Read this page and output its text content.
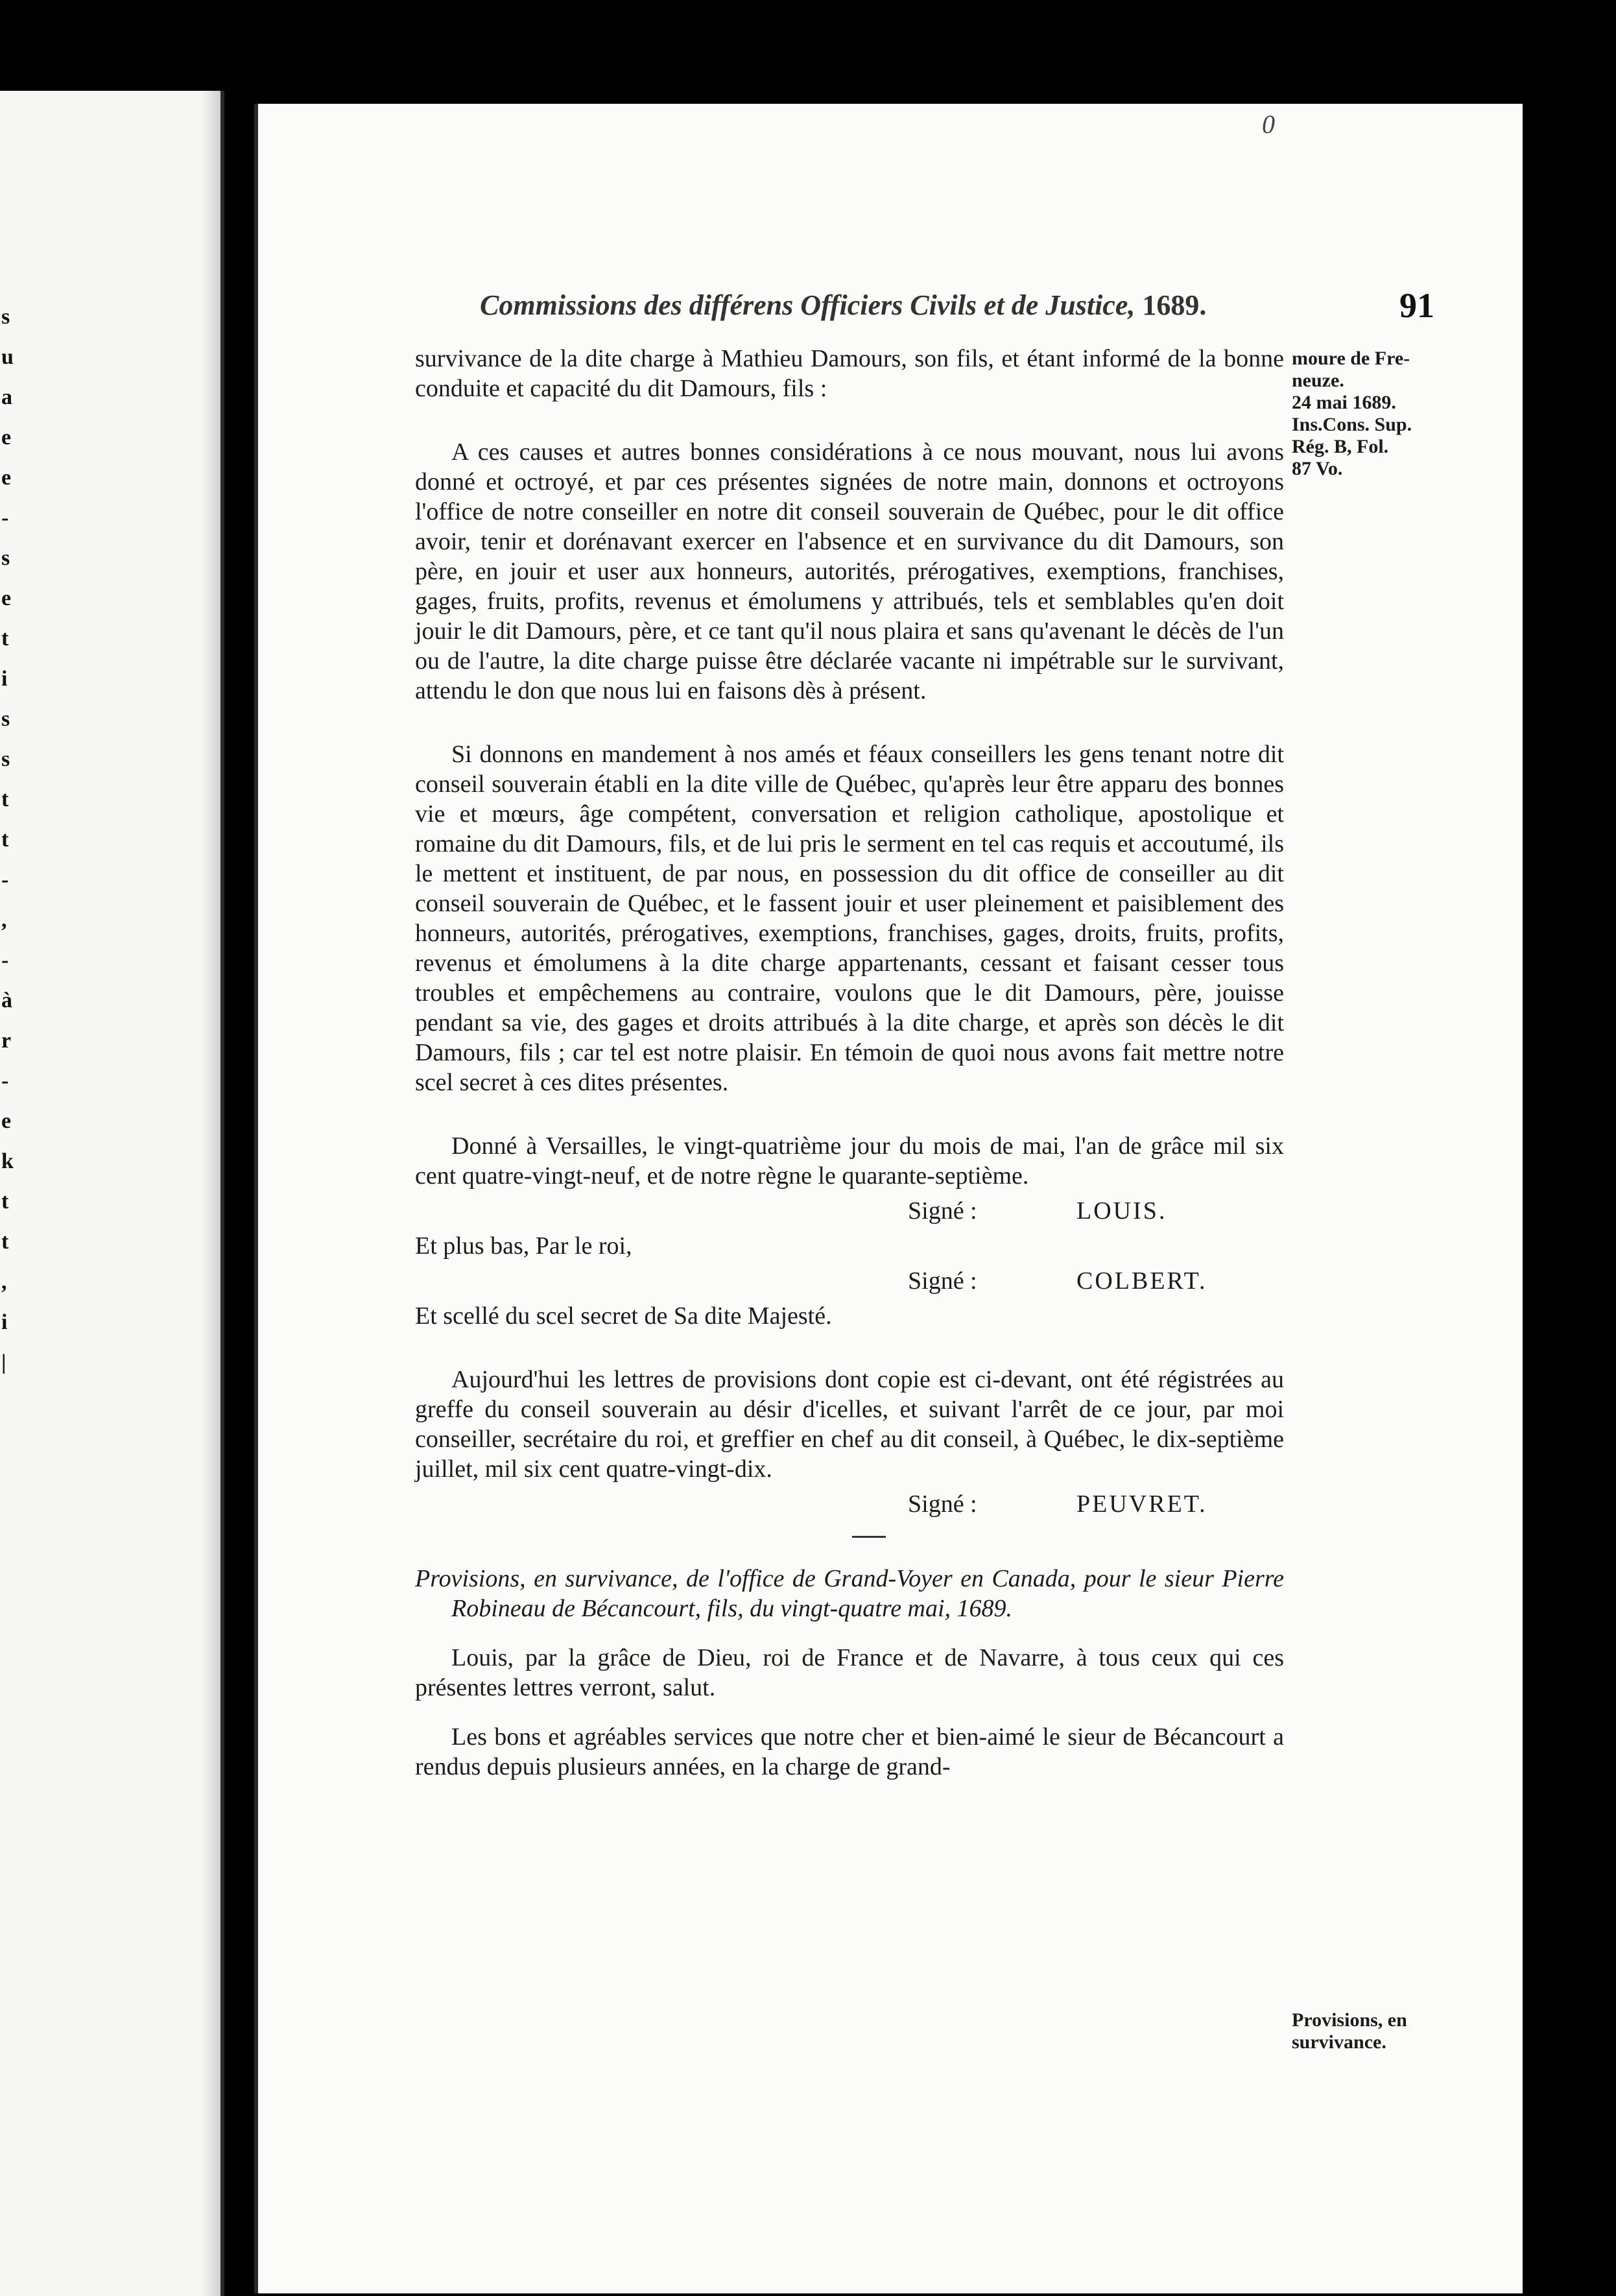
s
u
a
e
e
-
s
e
t
i
s
s
t
t
-
,
-
à
r
-
e
k
t
t
,
i
|
0
Commissions des différens Officiers Civils et de Justice, 1689.	91
moure de Fre-
neuze.
24 mai 1689.
Ins.Cons. Sup.
Rég. B, Fol.
87 Vo.
Provisions, en
survivance.

survivance de la dite charge à Mathieu Damours, son fils, et étant informé de la bonne conduite et capacité du dit Damours, fils :

A ces causes et autres bonnes considérations à ce nous mouvant, nous lui avons donné et octroyé, et par ces présentes signées de notre main, donnons et octroyons l'office de notre conseiller en notre dit conseil souverain de Québec, pour le dit office avoir, tenir et dorénavant exercer en l'absence et en survivance du dit Damours, son père, en jouir et user aux honneurs, autorités, prérogatives, exemptions, franchises, gages, fruits, profits, revenus et émolumens y attribués, tels et semblables qu'en doit jouir le dit Damours, père, et ce tant qu'il nous plaira et sans qu'avenant le décès de l'un ou de l'autre, la dite charge puisse être déclarée vacante ni impétrable sur le survivant, attendu le don que nous lui en faisons dès à présent.

Si donnons en mandement à nos amés et féaux conseillers les gens tenant notre dit conseil souverain établi en la dite ville de Québec, qu'après leur être apparu des bonnes vie et mœurs, âge compétent, conversation et religion catholique, apostolique et romaine du dit Damours, fils, et de lui pris le serment en tel cas requis et accoutumé, ils le mettent et instituent, de par nous, en possession du dit office de conseiller au dit conseil souverain de Québec, et le fassent jouir et user pleinement et paisiblement des honneurs, autorités, prérogatives, exemptions, franchises, gages, droits, fruits, profits, revenus et émolumens à la dite charge appartenants, cessant et faisant cesser tous troubles et empêchemens au contraire, voulons que le dit Damours, père, jouisse pendant sa vie, des gages et droits attribués à la dite charge, et après son décès le dit Damours, fils ; car tel est notre plaisir. En témoin de quoi nous avons fait mettre notre scel secret à ces dites présentes.

Donné à Versailles, le vingt-quatrième jour du mois de mai, l'an de grâce mil six cent quatre-vingt-neuf, et de notre règne le quarante-septième.

Signé :	LOUIS.

Et plus bas, Par le roi,

Signé :	COLBERT.

Et scellé du scel secret de Sa dite Majesté.

Aujourd'hui les lettres de provisions dont copie est ci-devant, ont été régistrées au greffe du conseil souverain au désir d'icelles, et suivant l'arrêt de ce jour, par moi conseiller, secrétaire du roi, et greffier en chef au dit conseil, à Québec, le dix-septième juillet, mil six cent quatre-vingt-dix.

Signé :	PEUVRET.

Provisions, en survivance, de l'office de Grand-Voyer en Canada, pour le sieur Pierre Robineau de Bécancourt, fils, du vingt-quatre mai, 1689.

Louis, par la grâce de Dieu, roi de France et de Navarre, à tous ceux qui ces présentes lettres verront, salut.

Les bons et agréables services que notre cher et bien-aimé le sieur de Bécancourt a rendus depuis plusieurs années, en la charge de grand-
